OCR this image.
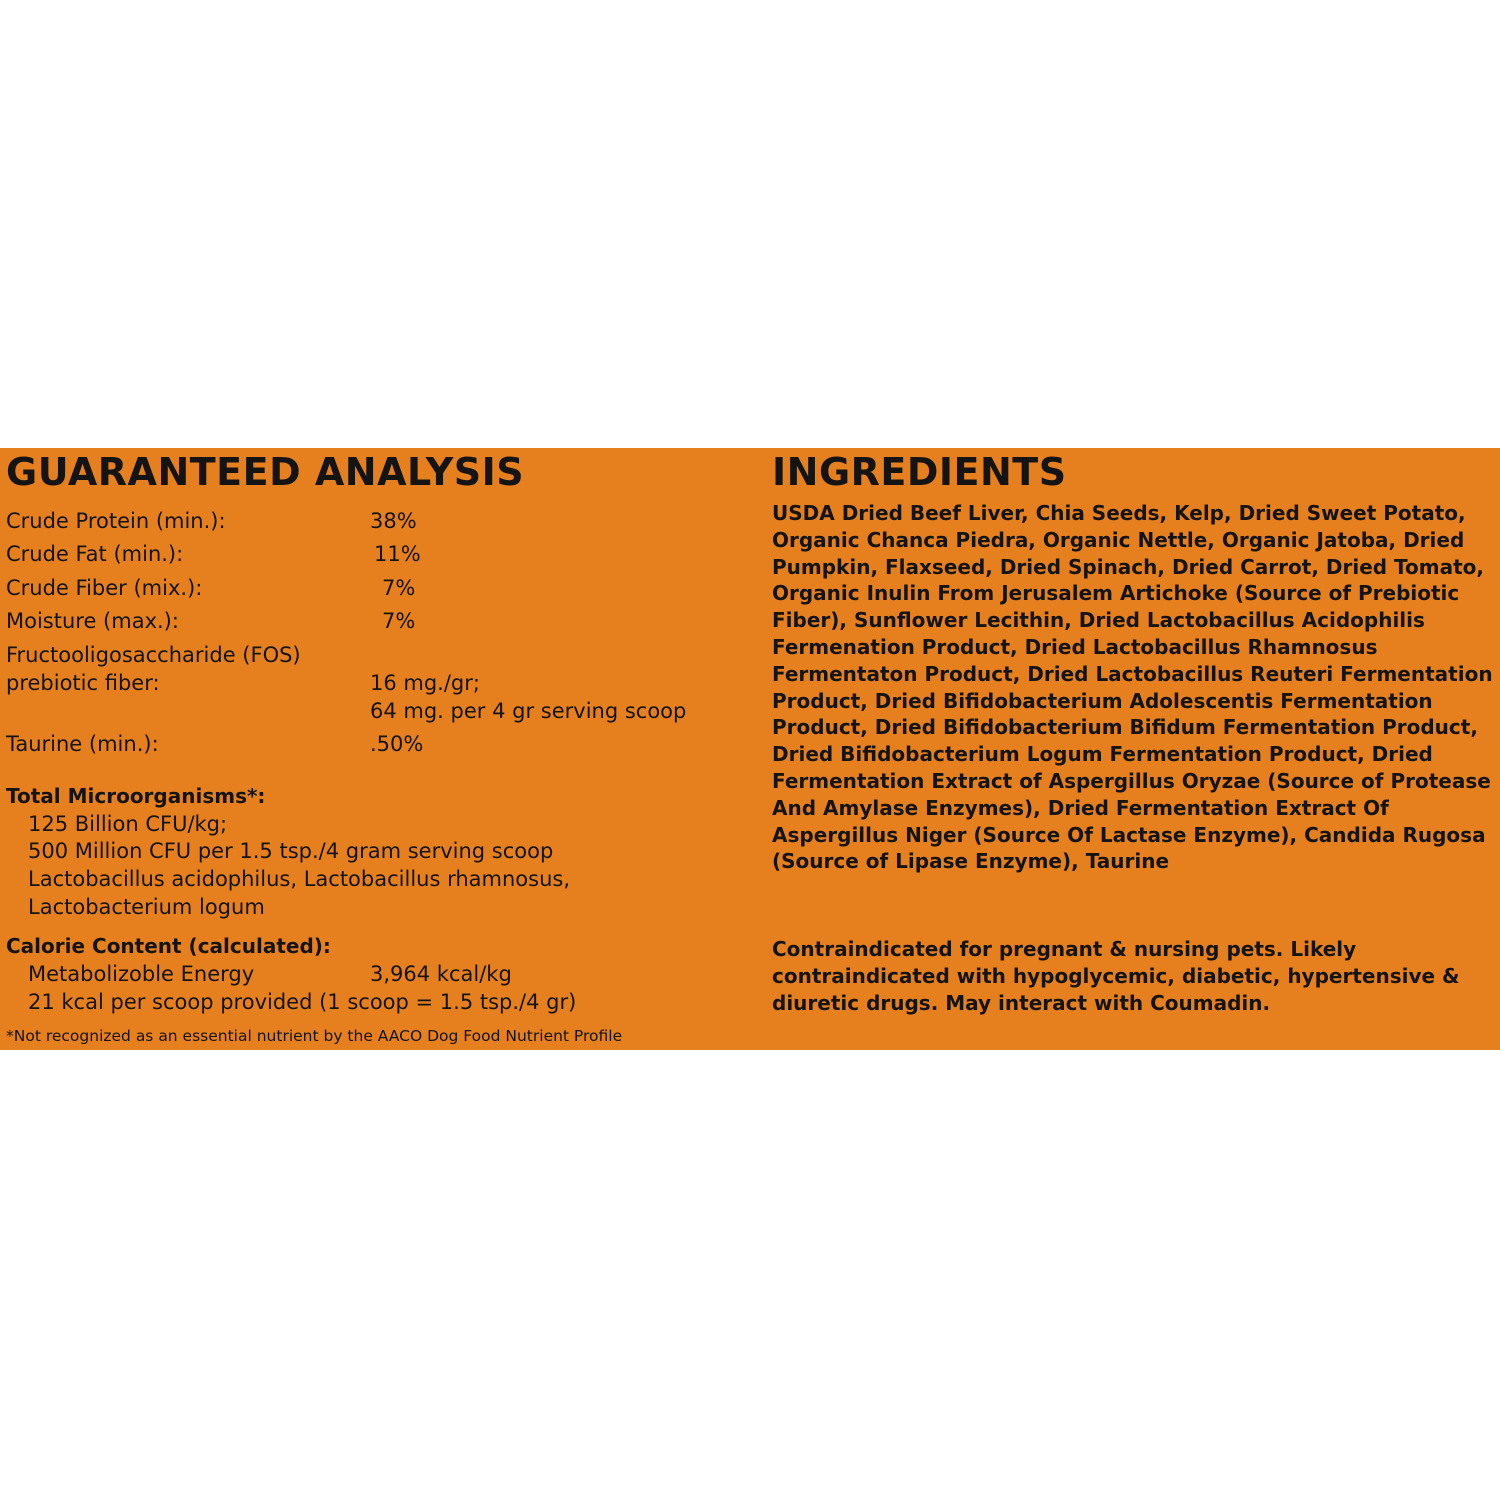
GUARANTEED ANALYSIS
Crude Protein (min.):	38%
Crude Fat (min.):	11%
Crude Fiber (mix.):	7%
Moisture (max.):	7%
Fructooligosaccharide (FOS)
prebiotic fiber:	16 mg./gr;
64 mg. per 4 gr serving scoop
Taurine (min.):	.50%
Total Microorganisms*:
125 Billion CFU/kg;
500 Million CFU per 1.5 tsp./4 gram serving scoop
Lactobacillus acidophilus, Lactobacillus rhamnosus,
Lactobacterium logum
Calorie Content (calculated):
Metabolizoble Energy	3,964 kcal/kg
21 kcal per scoop provided (1 scoop = 1.5 tsp./4 gr)
*Not recognized as an essential nutrient by the AACO Dog Food Nutrient Profile
INGREDIENTS

USDA Dried Beef Liver, Chia Seeds, Kelp, Dried Sweet Potato, Organic Chanca Piedra, Organic Nettle, Organic Jatoba, Dried Pumpkin, Flaxseed, Dried Spinach, Dried Carrot, Dried Tomato, Organic Inulin From Jerusalem Artichoke (Source of Prebiotic Fiber), Sunflower Lecithin, Dried Lactobacillus Acidophilis Fermenation Product, Dried Lactobacillus Rhamnosus Fermentaton Product, Dried Lactobacillus Reuteri Fermentation Product, Dried Bifidobacterium Adolescentis Fermentation Product, Dried Bifidobacterium Bifidum Fermentation Product, Dried Bifidobacterium Logum Fermentation Product, Dried Fermentation Extract of Aspergillus Oryzae (Source of Protease And Amylase Enzymes), Dried Fermentation Extract Of Aspergillus Niger (Source Of Lactase Enzyme), Candida Rugosa (Source of Lipase Enzyme), Taurine

Contraindicated for pregnant & nursing pets. Likely contraindicated with hypoglycemic, diabetic, hypertensive & diuretic drugs. May interact with Coumadin.
